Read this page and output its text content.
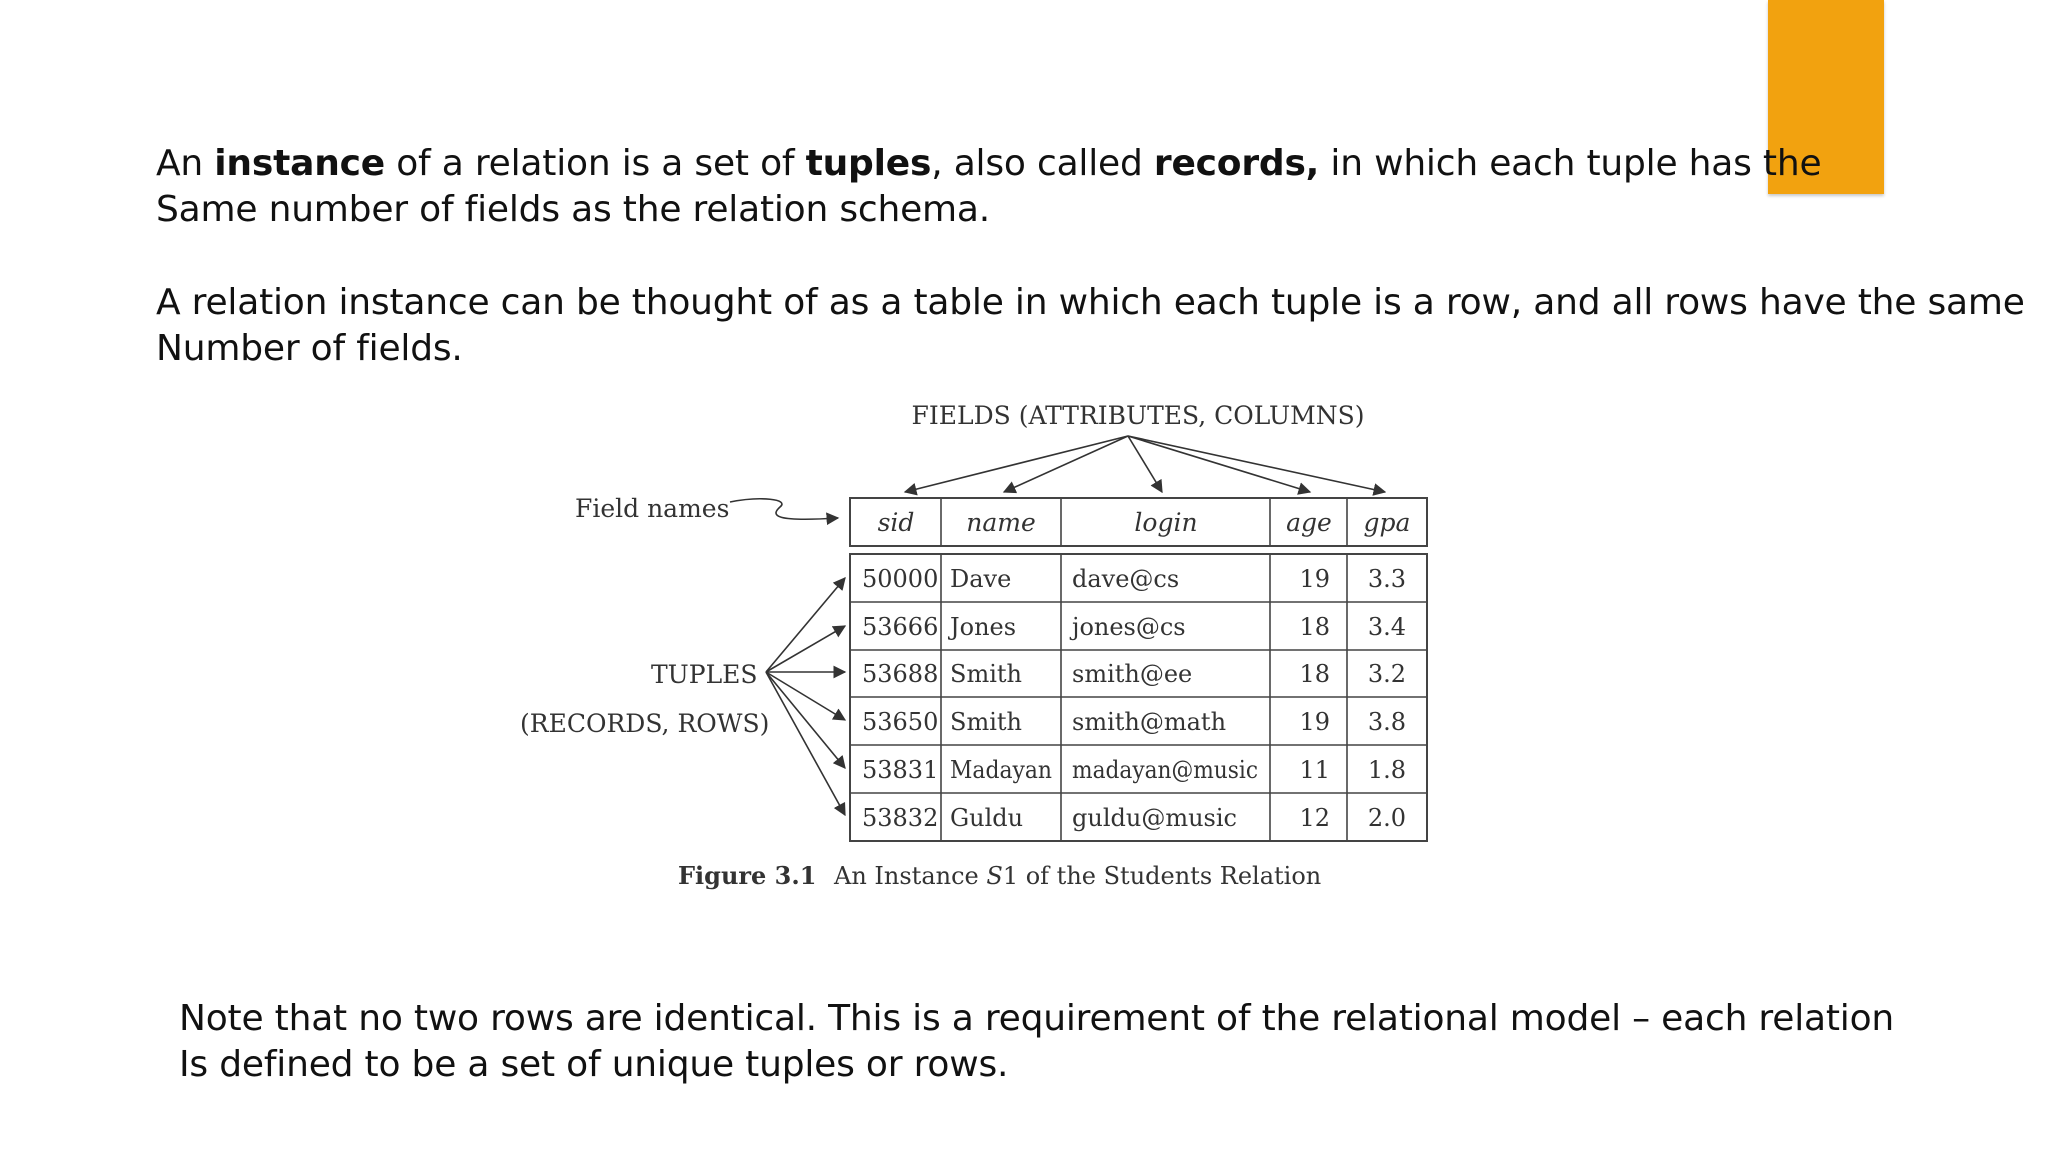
An instance of a relation is a set of tuples, also called records, in which each tuple has the
Same number of fields as the relation schema.

A relation instance can be thought of as a table in which each tuple is a row, and all rows have the same
Number of fields.

FIELDS (ATTRIBUTES, COLUMNS)
Field names
TUPLES
(RECORDS, ROWS)
sid name	login	age gpa
50000 Dave	dave@cs	19 3.3
53666 Jones jones@cs	18 3.4
53688 Smith smith@ee	18 3.2
53650 Smith smith@math	19 3.8
53831 Madayan madayan@music 11 1.8
53832 Guldu guldu@music	12 2.0
Figure 3.1 An Instance S1 of the Students Relation

Note that no two rows are identical. This is a requirement of the relational model – each relation
Is defined to be a set of unique tuples or rows.
